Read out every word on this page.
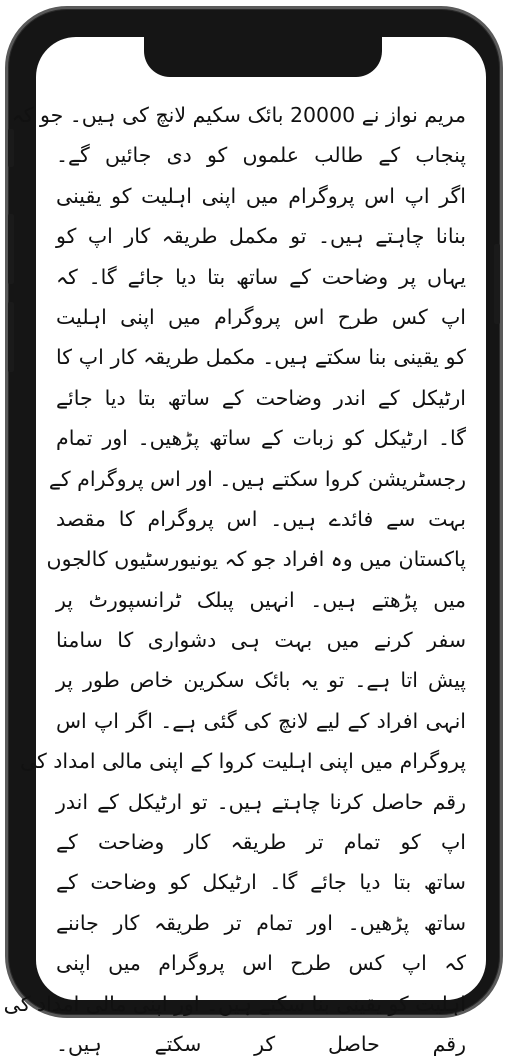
مریم نواز نے 20000 بائک سکیم لانچ کی ہیں۔ جو کہ
پنجاب کے طالب علموں کو دی جائیں گے۔
اگر اپ اس پروگرام میں اپنی اہلیت کو یقینی
بنانا چاہتے ہیں۔ تو مکمل طریقہ کار اپ کو
یہاں پر وضاحت کے ساتھ بتا دیا جائے گا۔ کہ
اپ کس طرح اس پروگرام میں اپنی اہلیت
کو یقینی بنا سکتے ہیں۔ مکمل طریقہ کار اپ کا
ارٹیکل کے اندر وضاحت کے ساتھ بتا دیا جائے
گا۔ ارٹیکل کو زبات کے ساتھ پڑھیں۔ اور تمام
رجسٹریشن کروا سکتے ہیں۔ اور اس پروگرام کے
بہت سے فائدے ہیں۔ اس پروگرام کا مقصد
پاکستان میں وہ افراد جو کہ یونیورسٹیوں کالجوں
میں پڑھتے ہیں۔ انہیں پبلک ٹرانسپورٹ پر
سفر کرنے میں بہت ہی دشواری کا سامنا
پیش اتا ہے۔ تو یہ بائک سکرین خاص طور پر
انہی افراد کے لیے لانچ کی گئی ہے۔ اگر اپ اس
پروگرام میں اپنی اہلیت کروا کے اپنی مالی امداد کی
رقم حاصل کرنا چاہتے ہیں۔ تو ارٹیکل کے اندر
اپ کو تمام تر طریقہ کار وضاحت کے
ساتھ بتا دیا جائے گا۔ ارٹیکل کو وضاحت کے
ساتھ پڑھیں۔ اور تمام تر طریقہ کار جاننے
کہ اپ کس طرح اس پروگرام میں اپنی
اہلیت کو یقینی بنا سکتے ہیں۔ اور اپنی مالی امداد کی
رقم حاصل کر سکتے ہیں۔
